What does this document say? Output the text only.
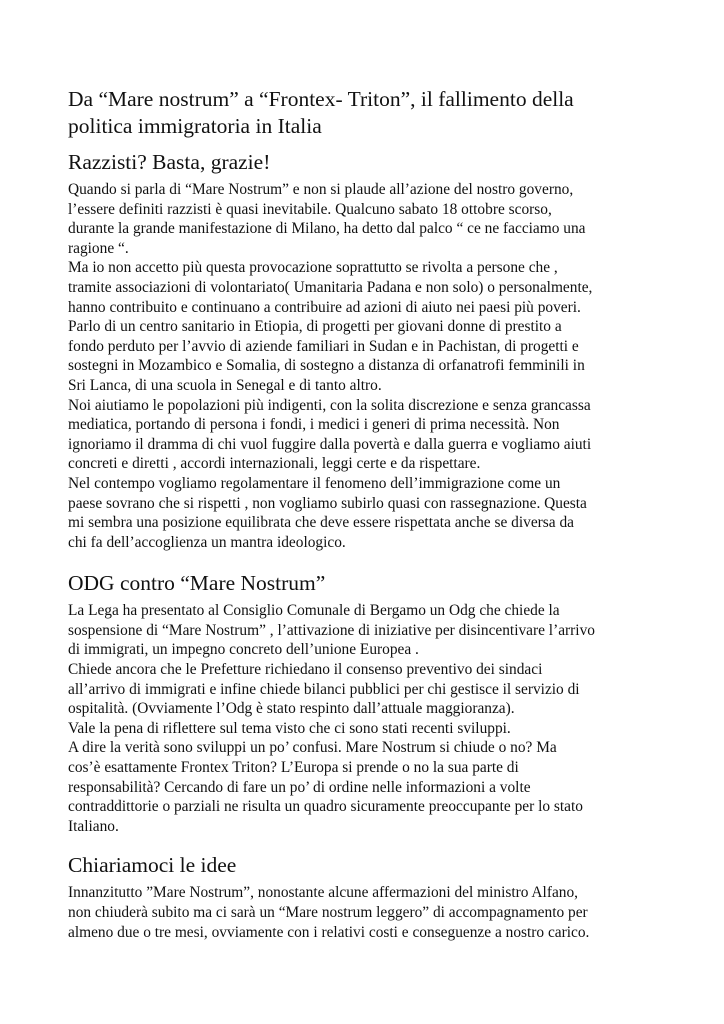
Da “Mare nostrum” a “Frontex- Triton”, il fallimento della
politica immigratoria in Italia
Razzisti? Basta, grazie!

Quando si parla di “Mare Nostrum” e non si plaude all’azione del nostro governo,
l’essere definiti razzisti è quasi inevitabile. Qualcuno sabato 18 ottobre scorso,
durante la grande manifestazione di Milano, ha detto dal palco “ ce ne facciamo una
ragione “.
Ma io non accetto più questa provocazione soprattutto se rivolta a persone che ,
tramite associazioni di volontariato( Umanitaria Padana e non solo) o personalmente,
hanno contribuito e continuano a contribuire ad azioni di aiuto nei paesi più poveri.
Parlo di un centro sanitario in Etiopia, di progetti per giovani donne di prestito a
fondo perduto per l’avvio di aziende familiari in Sudan e in Pachistan, di progetti e
sostegni in Mozambico e Somalia, di sostegno a distanza di orfanatrofi femminili in
Sri Lanca, di una scuola in Senegal e di tanto altro.
Noi aiutiamo le popolazioni più indigenti, con la solita discrezione e senza grancassa
mediatica, portando di persona i fondi, i medici i generi di prima necessità. Non
ignoriamo il dramma di chi vuol fuggire dalla povertà e dalla guerra e vogliamo aiuti
concreti e diretti , accordi internazionali, leggi certe e da rispettare.
Nel contempo vogliamo regolamentare il fenomeno dell’immigrazione come un
paese sovrano che si rispetti , non vogliamo subirlo quasi con rassegnazione. Questa
mi sembra una posizione equilibrata che deve essere rispettata anche se diversa da
chi fa dell’accoglienza un mantra ideologico.

ODG contro “Mare Nostrum”

La Lega ha presentato al Consiglio Comunale di Bergamo un Odg che chiede la
sospensione di “Mare Nostrum” , l’attivazione di iniziative per disincentivare l’arrivo
di immigrati, un impegno concreto dell’unione Europea .
Chiede ancora che le Prefetture richiedano il consenso preventivo dei sindaci
all’arrivo di immigrati e infine chiede bilanci pubblici per chi gestisce il servizio di
ospitalità. (Ovviamente l’Odg è stato respinto dall’attuale maggioranza).
Vale la pena di riflettere sul tema visto che ci sono stati recenti sviluppi.
A dire la verità sono sviluppi un po’ confusi. Mare Nostrum si chiude o no? Ma
cos’è esattamente Frontex Triton? L’Europa si prende o no la sua parte di
responsabilità? Cercando di fare un po’ di ordine nelle informazioni a volte
contraddittorie o parziali ne risulta un quadro sicuramente preoccupante per lo stato
Italiano.

Chiariamoci le idee

Innanzitutto ”Mare Nostrum”, nonostante alcune affermazioni del ministro Alfano,
non chiuderà subito ma ci sarà un “Mare nostrum leggero” di accompagnamento per
almeno due o tre mesi, ovviamente con i relativi costi e conseguenze a nostro carico.
